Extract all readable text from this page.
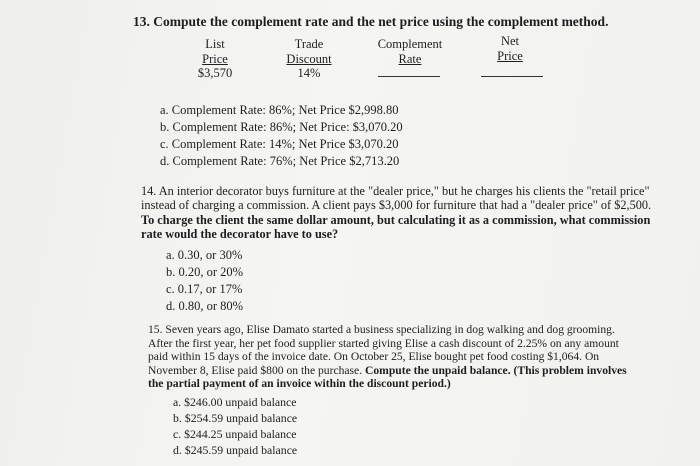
13. Compute the complement rate and the net price using the complement method.
List
Price
$3,570
Trade
Discount
14%
Complement
Rate
Net
Price
a. Complement Rate: 86%; Net Price $2,998.80
b. Complement Rate: 86%; Net Price: $3,070.20
c. Complement Rate: 14%; Net Price $3,070.20
d. Complement Rate: 76%; Net Price $2,713.20
14. An interior decorator buys furniture at the "dealer price," but he charges his clients the "retail price"
instead of charging a commission. A client pays $3,000 for furniture that had a "dealer price" of $2,500.
To charge the client the same dollar amount, but calculating it as a commission, what commission
rate would the decorator have to use?
a. 0.30, or 30%
b. 0.20, or 20%
c. 0.17, or 17%
d. 0.80, or 80%
15. Seven years ago, Elise Damato started a business specializing in dog walking and dog grooming.
After the first year, her pet food supplier started giving Elise a cash discount of 2.25% on any amount
paid within 15 days of the invoice date. On October 25, Elise bought pet food costing $1,064. On
November 8, Elise paid $800 on the purchase. Compute the unpaid balance. (This problem involves
the partial payment of an invoice within the discount period.)
a. $246.00 unpaid balance
b. $254.59 unpaid balance
c. $244.25 unpaid balance
d. $245.59 unpaid balance
